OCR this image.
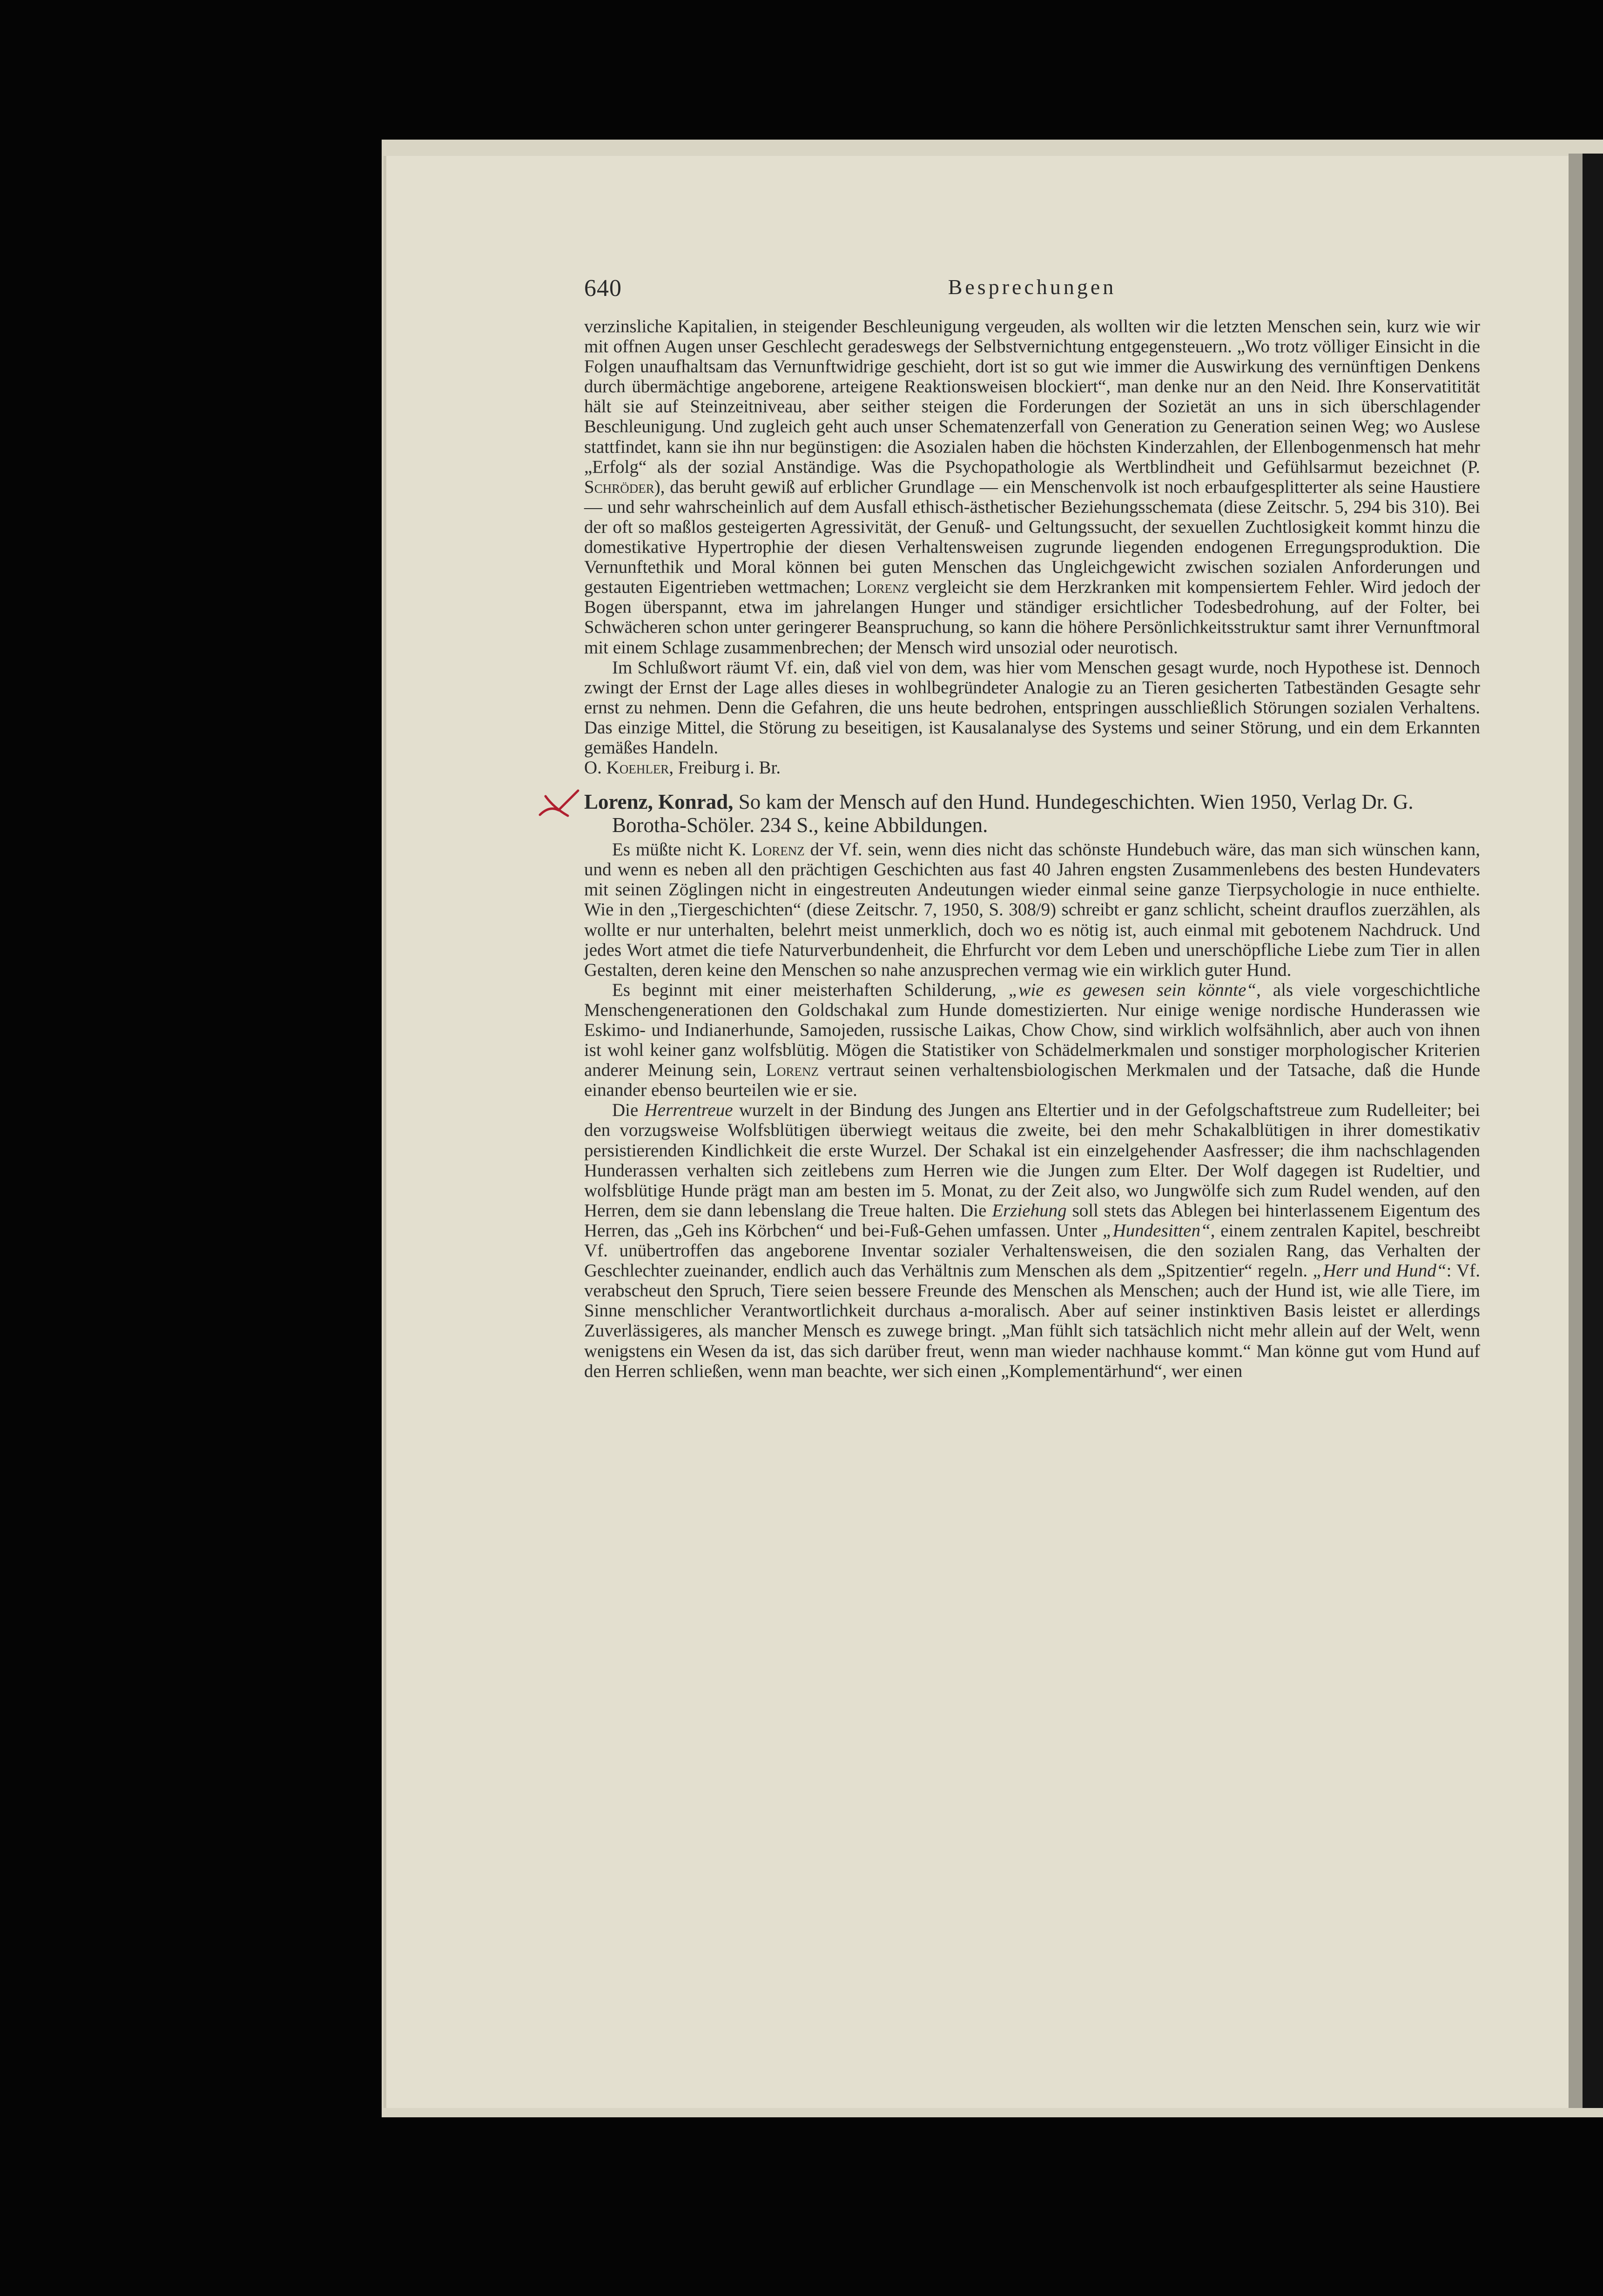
640	Besprechungen

verzinsliche Kapitalien, in steigender Beschleunigung vergeuden, als wollten wir die letzten Menschen sein, kurz wie wir mit offnen Augen unser Geschlecht geradeswegs der Selbstvernichtung entgegensteuern. „Wo trotz völliger Einsicht in die Folgen unaufhaltsam das Vernunftwidrige geschieht, dort ist so gut wie immer die Auswirkung des vernünftigen Denkens durch übermächtige angeborene, arteigene Reaktionsweisen blockiert“, man denke nur an den Neid. Ihre Konservatitität hält sie auf Steinzeitniveau, aber seither steigen die Forderungen der Sozietät an uns in sich überschlagender Beschleunigung. Und zugleich geht auch unser Schematenzerfall von Generation zu Generation seinen Weg; wo Auslese stattfindet, kann sie ihn nur begünstigen: die Asozialen haben die höchsten Kinderzahlen, der Ellenbogenmensch hat mehr „Erfolg“ als der sozial Anständige. Was die Psychopathologie als Wertblindheit und Gefühlsarmut bezeichnet (P. Schröder), das beruht gewiß auf erblicher Grundlage — ein Menschenvolk ist noch erbaufgesplitterter als seine Haustiere — und sehr wahrscheinlich auf dem Ausfall ethisch-ästhetischer Beziehungsschemata (diese Zeitschr. 5, 294 bis 310). Bei der oft so maßlos gesteigerten Agressivität, der Genuß- und Geltungssucht, der sexuellen Zuchtlosigkeit kommt hinzu die domestikative Hypertrophie der diesen Verhaltensweisen zugrunde liegenden endogenen Erregungsproduktion. Die Vernunftethik und Moral können bei guten Menschen das Ungleichgewicht zwischen sozialen Anforderungen und gestauten Eigentrieben wettmachen; Lorenz vergleicht sie dem Herzkranken mit kompensiertem Fehler. Wird jedoch der Bogen überspannt, etwa im jahrelangen Hunger und ständiger ersichtlicher Todesbedrohung, auf der Folter, bei Schwächeren schon unter geringerer Beanspruchung, so kann die höhere Persönlichkeitsstruktur samt ihrer Vernunftmoral mit einem Schlage zusammenbrechen; der Mensch wird unsozial oder neurotisch.

Im Schlußwort räumt Vf. ein, daß viel von dem, was hier vom Menschen gesagt wurde, noch Hypothese ist. Dennoch zwingt der Ernst der Lage alles dieses in wohlbegründeter Analogie zu an Tieren gesicherten Tatbeständen Gesagte sehr ernst zu nehmen. Denn die Gefahren, die uns heute bedrohen, entspringen ausschließlich Störungen sozialen Verhaltens. Das einzige Mittel, die Störung zu beseitigen, ist Kausalanalyse des Systems und seiner Störung, und ein dem Erkannten gemäßes Handeln.

O. Koehler, Freiburg i. Br.

Lorenz, Konrad, So kam der Mensch auf den Hund. Hundegeschichten. Wien 1950, Verlag Dr. G. Borotha-Schöler. 234 S., keine Abbildungen.

Es müßte nicht K. Lorenz der Vf. sein, wenn dies nicht das schönste Hundebuch wäre, das man sich wünschen kann, und wenn es neben all den prächtigen Geschichten aus fast 40 Jahren engsten Zusammenlebens des besten Hundevaters mit seinen Zöglingen nicht in eingestreuten Andeutungen wieder einmal seine ganze Tierpsychologie in nuce enthielte. Wie in den „Tiergeschichten“ (diese Zeitschr. 7, 1950, S. 308/9) schreibt er ganz schlicht, scheint drauflos zuerzählen, als wollte er nur unterhalten, belehrt meist unmerklich, doch wo es nötig ist, auch einmal mit gebotenem Nachdruck. Und jedes Wort atmet die tiefe Naturverbundenheit, die Ehrfurcht vor dem Leben und unerschöpfliche Liebe zum Tier in allen Gestalten, deren keine den Menschen so nahe anzusprechen vermag wie ein wirklich guter Hund.

Es beginnt mit einer meisterhaften Schilderung, „wie es gewesen sein könnte“, als viele vorgeschichtliche Menschengenerationen den Goldschakal zum Hunde domestizierten. Nur einige wenige nordische Hunderassen wie Eskimo- und Indianerhunde, Samojeden, russische Laikas, Chow Chow, sind wirklich wolfsähnlich, aber auch von ihnen ist wohl keiner ganz wolfsblütig. Mögen die Statistiker von Schädelmerkmalen und sonstiger morphologischer Kriterien anderer Meinung sein, Lorenz vertraut seinen verhaltensbiologischen Merkmalen und der Tatsache, daß die Hunde einander ebenso beurteilen wie er sie.

Die Herrentreue wurzelt in der Bindung des Jungen ans Eltertier und in der Gefolgschaftstreue zum Rudelleiter; bei den vorzugsweise Wolfsblütigen überwiegt weitaus die zweite, bei den mehr Schakalblütigen in ihrer domestikativ persistierenden Kindlichkeit die erste Wurzel. Der Schakal ist ein einzelgehender Aasfresser; die ihm nachschlagenden Hunderassen verhalten sich zeitlebens zum Herren wie die Jungen zum Elter. Der Wolf dagegen ist Rudeltier, und wolfsblütige Hunde prägt man am besten im 5. Monat, zu der Zeit also, wo Jungwölfe sich zum Rudel wenden, auf den Herren, dem sie dann lebenslang die Treue halten. Die Erziehung soll stets das Ablegen bei hinterlassenem Eigentum des Herren, das „Geh ins Körbchen“ und bei-Fuß-Gehen umfassen. Unter „Hundesitten“, einem zentralen Kapitel, beschreibt Vf. unübertroffen das angeborene Inventar sozialer Verhaltensweisen, die den sozialen Rang, das Verhalten der Geschlechter zueinander, endlich auch das Verhältnis zum Menschen als dem „Spitzentier“ regeln. „Herr und Hund“: Vf. verabscheut den Spruch, Tiere seien bessere Freunde des Menschen als Menschen; auch der Hund ist, wie alle Tiere, im Sinne menschlicher Verantwortlichkeit durchaus a-moralisch. Aber auf seiner instinktiven Basis leistet er allerdings Zuverlässigeres, als mancher Mensch es zuwege bringt. „Man fühlt sich tatsächlich nicht mehr allein auf der Welt, wenn wenigstens ein Wesen da ist, das sich darüber freut, wenn man wieder nachhause kommt.“ Man könne gut vom Hund auf den Herren schließen, wenn man beachte, wer sich einen „Komplementärhund“, wer einen
